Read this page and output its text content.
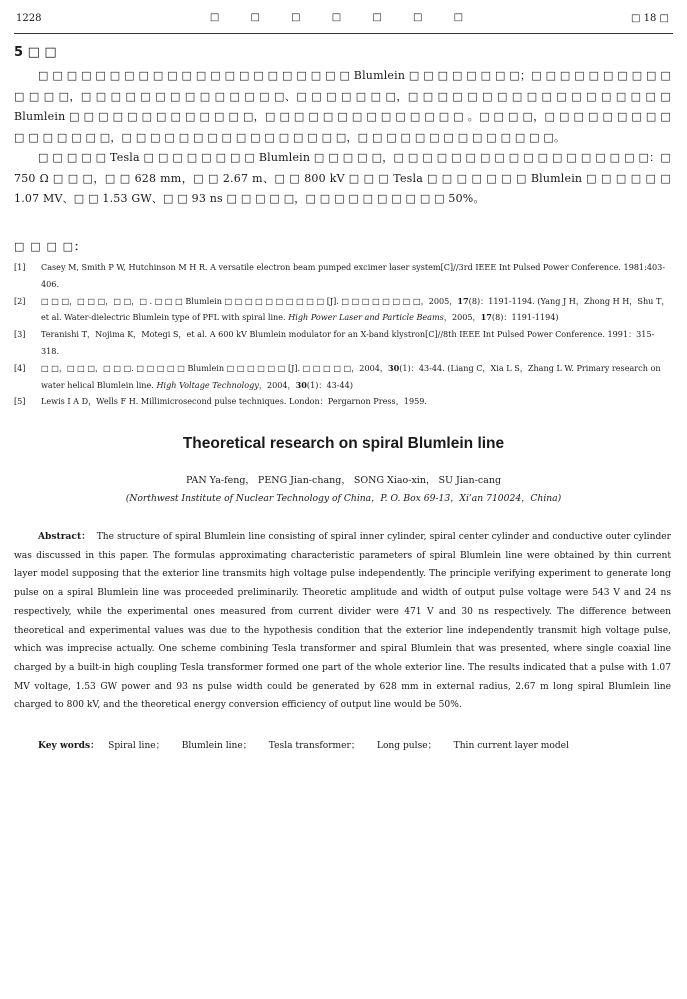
1228	□ □ □ □ □ □ □	□ 18 □
5 □ □

□ □ □ □ □ □ □ □ □ □ □ □ □ □ □ □ □ □ □ □ □ □ Blumlein □ □ □ □ □ □ □ □；□ □ □ □ □ □ □ □ □ □ □ □ □ □，□ □ □ □ □ □ □ □ □ □ □ □ □ □、□ □ □ □ □ □ □，□ □ □ □ □ □ □ □ □ □ □ □ □ □ □ □ □ □ Blumlein □ □ □ □ □ □ □ □ □ □ □ □ □，□ □ □ □ □ □ □ □ □ □ □ □ □ □ 。□ □ □ □，□ □ □ □ □ □ □ □ □ □ □ □ □ □ □ □，□ □ □ □ □ □ □ □ □ □ □ □ □ □ □ □，□ □ □ □ □ □ □ □ □ □ □ □ □ □。

□ □ □ □ □ Tesla □ □ □ □ □ □ □ □ Blumlein □ □ □ □ □，□ □ □ □ □ □ □ □ □ □ □ □ □ □ □ □ □ □：□ 750 Ω □ □ □，□ □ 628 mm，□ □ 2.67 m、□ □ 800 kV □ □ □ Tesla □ □ □ □ □ □ □ Blumlein □ □ □ □ □ □ 1.07 MV、□ □ 1.53 GW、□ □ 93 ns □ □ □ □ □，□ □ □ □ □ □ □ □ □ □ 50%。

□ □ □ □：
[1] Casey M, Smith P W, Hutchinson M H R. A versatile electron beam pumped excimer laser system[C]//3rd IEEE Int Pulsed Power Conference. 1981:403-406.
[2] □ □ □，□ □ □，□ □，□ . □ □ □ Blumlein □ □ □ □ □ □ □ □ □ □ [J]. □ □ □ □ □ □ □ □，2005，17(8)：1191-1194. (Yang J H，Zhong H H，Shu T，et al. Water-dielectric Blumlein type of PFL with spiral line. High Power Laser and Particle Beams，2005，17(8)：1191-1194)
[3] Teranishi T，Nojima K，Motegi S，et al. A 600 kV Blumlein modulator for an X-band klystron[C]//8th IEEE Int Pulsed Power Conference. 1991：315-318.
[4] □ □，□ □ □，□ □ □. □ □ □ □ □ Blumlein □ □ □ □ □ □ [J]. □ □ □ □ □，2004，30(1)：43-44. (Liang C，Xia L S，Zhang L W. Primary research on water helical Blumlein line. High Voltage Technology，2004，30(1)：43-44)
[5] Lewis I A D，Wells F H. Millimicrosecond pulse techniques. London：Pergarnon Press，1959.
Theoretical research on spiral Blumlein line
PAN Ya-feng， PENG Jian-chang， SONG Xiao-xin， SU Jian-cang
(Northwest Institute of Nuclear Technology of China，P. O. Box 69-13，Xi’an 710024，China)
Abstract： The structure of spiral Blumlein line consisting of spiral inner cylinder, spiral center cylinder and conductive outer cylinder was discussed in this paper. The formulas approximating characteristic parameters of spiral Blumlein line were obtained by thin current layer model supposing that the exterior line transmits high voltage pulse independently. The principle verifying experiment to generate long pulse on a spiral Blumlein line was proceeded preliminarily. Theoretic amplitude and width of output pulse voltage were 543 V and 24 ns respectively, while the experimental ones measured from current divider were 471 V and 30 ns respectively. The difference between theoretical and experimental values was due to the hypothesis condition that the exterior line independently transmit high voltage pulse, which was imprecise actually. One scheme combining Tesla transformer and spiral Blumlein that was presented, where single coaxial line charged by a built-in high coupling Tesla transformer formed one part of the whole exterior line. The results indicated that a pulse with 1.07 MV voltage, 1.53 GW power and 93 ns pulse width could be generated by 628 mm in external radius, 2.67 m long spiral Blumlein line charged to 800 kV, and the theoretical energy conversion efficiency of output line would be 50%.
Key words： Spiral line； Blumlein line； Tesla transformer； Long pulse； Thin current layer model
